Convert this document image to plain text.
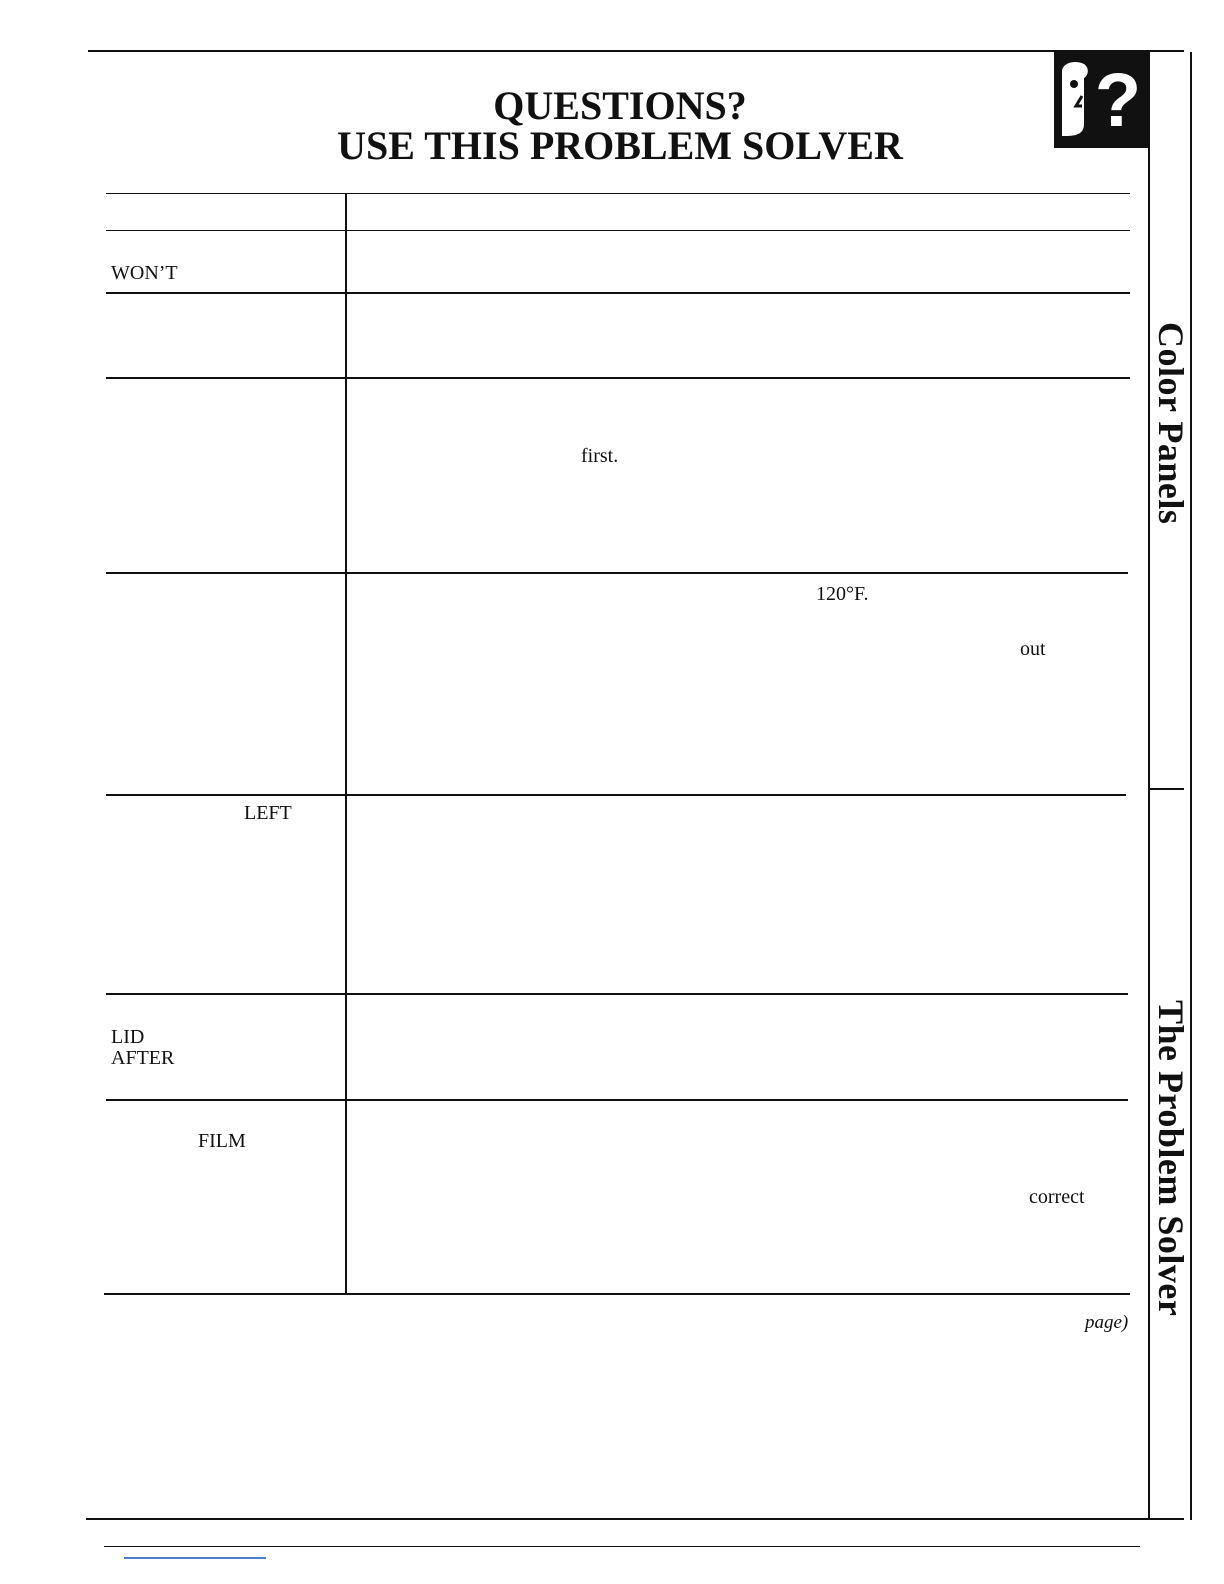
QUESTIONS?
USE THIS PROBLEM SOLVER
?
Color Panels
The Problem Solver
WON’T
LEFT
LID
AFTER
FILM
first.
120°F.
out
correct
page)
